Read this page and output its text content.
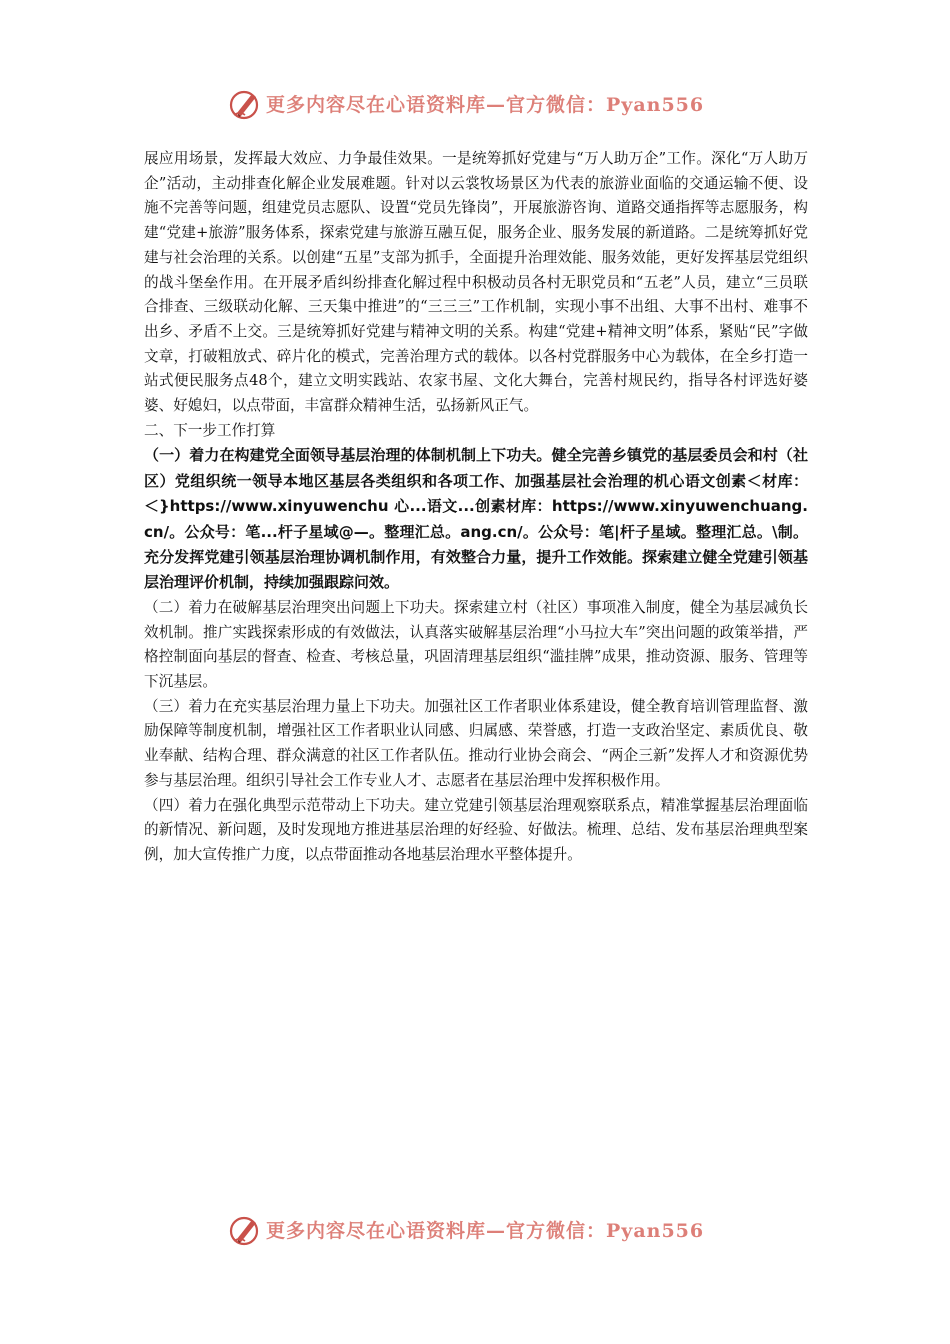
更多内容尽在心语资料库—官方微信：Pyan556

展应用场景，发挥最大效应、力争最佳效果。一是统筹抓好党建与“万人助万企”工作。深化“万人助万企”活动，主动排查化解企业发展难题。针对以云裳牧场景区为代表的旅游业面临的交通运输不便、设施不完善等问题，组建党员志愿队、设置“党员先锋岗”，开展旅游咨询、道路交通指挥等志愿服务，构建“党建+旅游”服务体系，探索党建与旅游互融互促，服务企业、服务发展的新道路。二是统筹抓好党建与社会治理的关系。以创建“五星”支部为抓手，全面提升治理效能、服务效能，更好发挥基层党组织的战斗堡垒作用。在开展矛盾纠纷排查化解过程中积极动员各村无职党员和“五老”人员，建立“三员联合排查、三级联动化解、三天集中推进”的“三三三”工作机制，实现小事不出组、大事不出村、难事不出乡、矛盾不上交。三是统筹抓好党建与精神文明的关系。构建“党建+精神文明”体系，紧贴“民”字做文章，打破粗放式、碎片化的模式，完善治理方式的载体。以各村党群服务中心为载体，在全乡打造一站式便民服务点48个，建立文明实践站、农家书屋、文化大舞台，完善村规民约，指导各村评选好婆婆、好媳妇，以点带面，丰富群众精神生活，弘扬新风正气。

二、下一步工作打算

（一）着力在构建党全面领导基层治理的体制机制上下功夫。健全完善乡镇党的基层委员会和村（社区）党组织统一领导本地区基层各类组织和各项工作、加强基层社会治理的机心语文创素＜材库：＜}https://www.xinyuwenchu 心...语文...创素材库：https://www.xinyuwenchuang.cn/。公众号：笔...杆子星域@—。整理汇总。ang.cn/。公众号：笔|杆子星域。整理汇总。\制。充分发挥党建引领基层治理协调机制作用，有效整合力量，提升工作效能。探索建立健全党建引领基层治理评价机制，持续加强跟踪问效。

（二）着力在破解基层治理突出问题上下功夫。探索建立村（社区）事项准入制度，健全为基层减负长效机制。推广实践探索形成的有效做法，认真落实破解基层治理“小马拉大车”突出问题的政策举措，严格控制面向基层的督查、检查、考核总量，巩固清理基层组织“滥挂牌”成果，推动资源、服务、管理等下沉基层。

（三）着力在充实基层治理力量上下功夫。加强社区工作者职业体系建设，健全教育培训管理监督、激励保障等制度机制，增强社区工作者职业认同感、归属感、荣誉感，打造一支政治坚定、素质优良、敬业奉献、结构合理、群众满意的社区工作者队伍。推动行业协会商会、“两企三新”发挥人才和资源优势参与基层治理。组织引导社会工作专业人才、志愿者在基层治理中发挥积极作用。

（四）着力在强化典型示范带动上下功夫。建立党建引领基层治理观察联系点，精准掌握基层治理面临的新情况、新问题，及时发现地方推进基层治理的好经验、好做法。梳理、总结、发布基层治理典型案例，加大宣传推广力度，以点带面推动各地基层治理水平整体提升。

更多内容尽在心语资料库—官方微信：Pyan556
